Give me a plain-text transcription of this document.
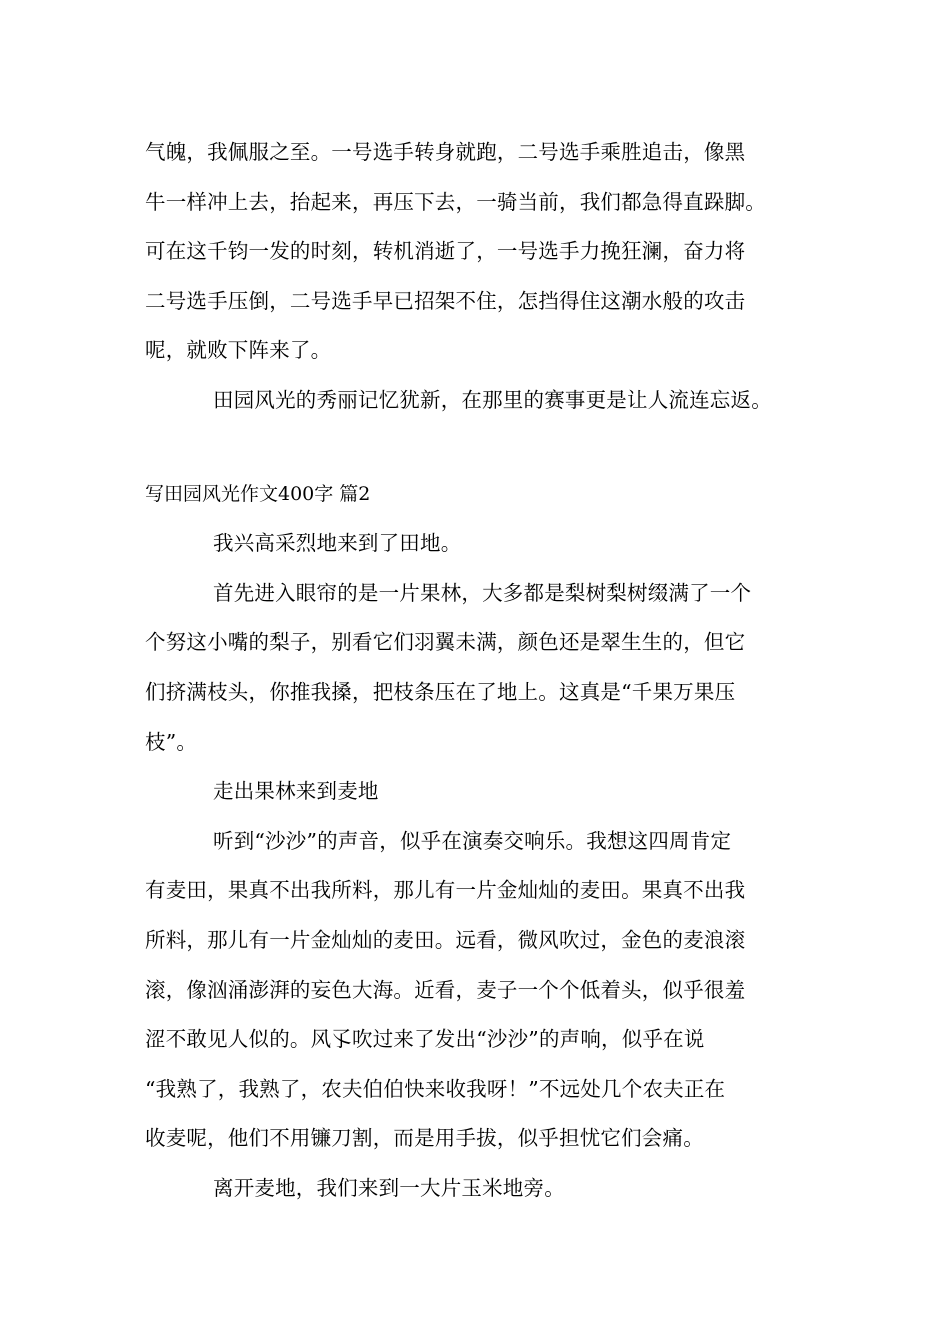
气魄，我佩服之至。一号选手转身就跑，二号选手乘胜追击，像黑
牛一样冲上去，抬起来，再压下去，一骑当前，我们都急得直跺脚。
可在这千钧一发的时刻，转机消逝了，一号选手力挽狂澜，奋力将
二号选手压倒，二号选手早已招架不住，怎挡得住这潮水般的攻击
呢，就败下阵来了。
田园风光的秀丽记忆犹新，在那里的赛事更是让人流连忘返。
写田园风光作文400字 篇2
我兴高采烈地来到了田地。
首先进入眼帘的是一片果林，大多都是梨树梨树缀满了一个
个努这小嘴的梨子，别看它们羽翼未满，颜色还是翠生生的，但它
们挤满枝头，你推我搡，把枝条压在了地上。这真是“千果万果压
枝”。
走出果林来到麦地
听到“沙沙”的声音，似乎在演奏交响乐。我想这四周肯定
有麦田，果真不出我所料，那儿有一片金灿灿的麦田。果真不出我
所料，那儿有一片金灿灿的麦田。远看，微风吹过，金色的麦浪滚
滚，像汹涌澎湃的妄色大海。近看，麦子一个个低着头，似乎很羞
涩不敢见人似的。风孓吹过来了发出“沙沙”的声响，似乎在说
“我熟了，我熟了，农夫伯伯快来收我呀！”不远处几个农夫正在
收麦呢，他们不用镰刀割，而是用手拔，似乎担忧它们会痛。
离开麦地，我们来到一大片玉米地旁。
